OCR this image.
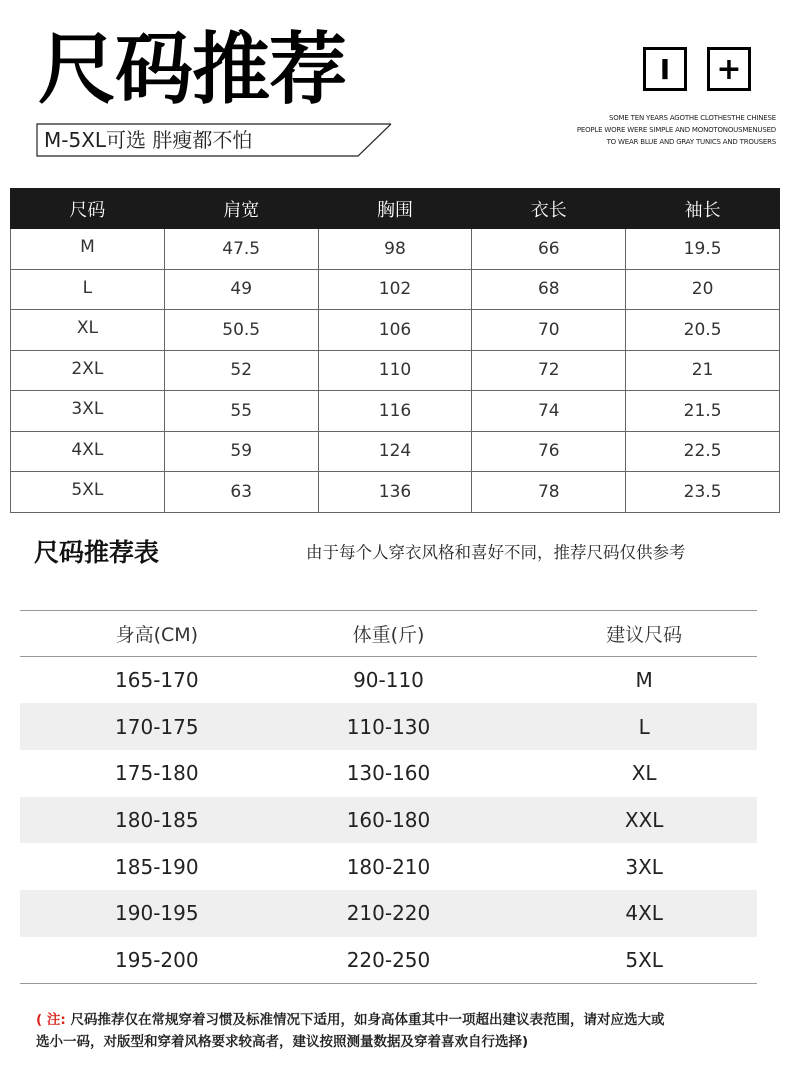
尺码推荐
M-5XL可选 胖瘦都不怕
I +
SOME TEN YEARS AGOTHE CLOTHESTHE CHINESE
PEOPLE WORE WERE SIMPLE AND MONOTONOUSMENUSED
TO WEAR BLUE AND GRAY TUNICS AND TROUSERS
尺码	肩宽	胸围	衣长	袖长
M	47.5	98	66	19.5
L	49	102	68	20
XL	50.5	106	70	20.5
2XL	52	110	72	21
3XL	55	116	74	21.5
4XL	59	124	76	22.5
5XL	63	136	78	23.5
尺码推荐表	由于每个人穿衣风格和喜好不同，推荐尺码仅供参考
身高(CM)	体重(斤)	建议尺码
165-170	90-110	M
170-175	110-130	L
175-180	130-160	XL
180-185	160-180	XXL
185-190	180-210	3XL
190-195	210-220	4XL
195-200	220-250	5XL
( 注: 尺码推荐仅在常规穿着习惯及标准情况下适用，如身高体重其中一项超出建议表范围，请对应选大或
选小一码，对版型和穿着风格要求较高者，建议按照测量数据及穿着喜欢自行选择)
